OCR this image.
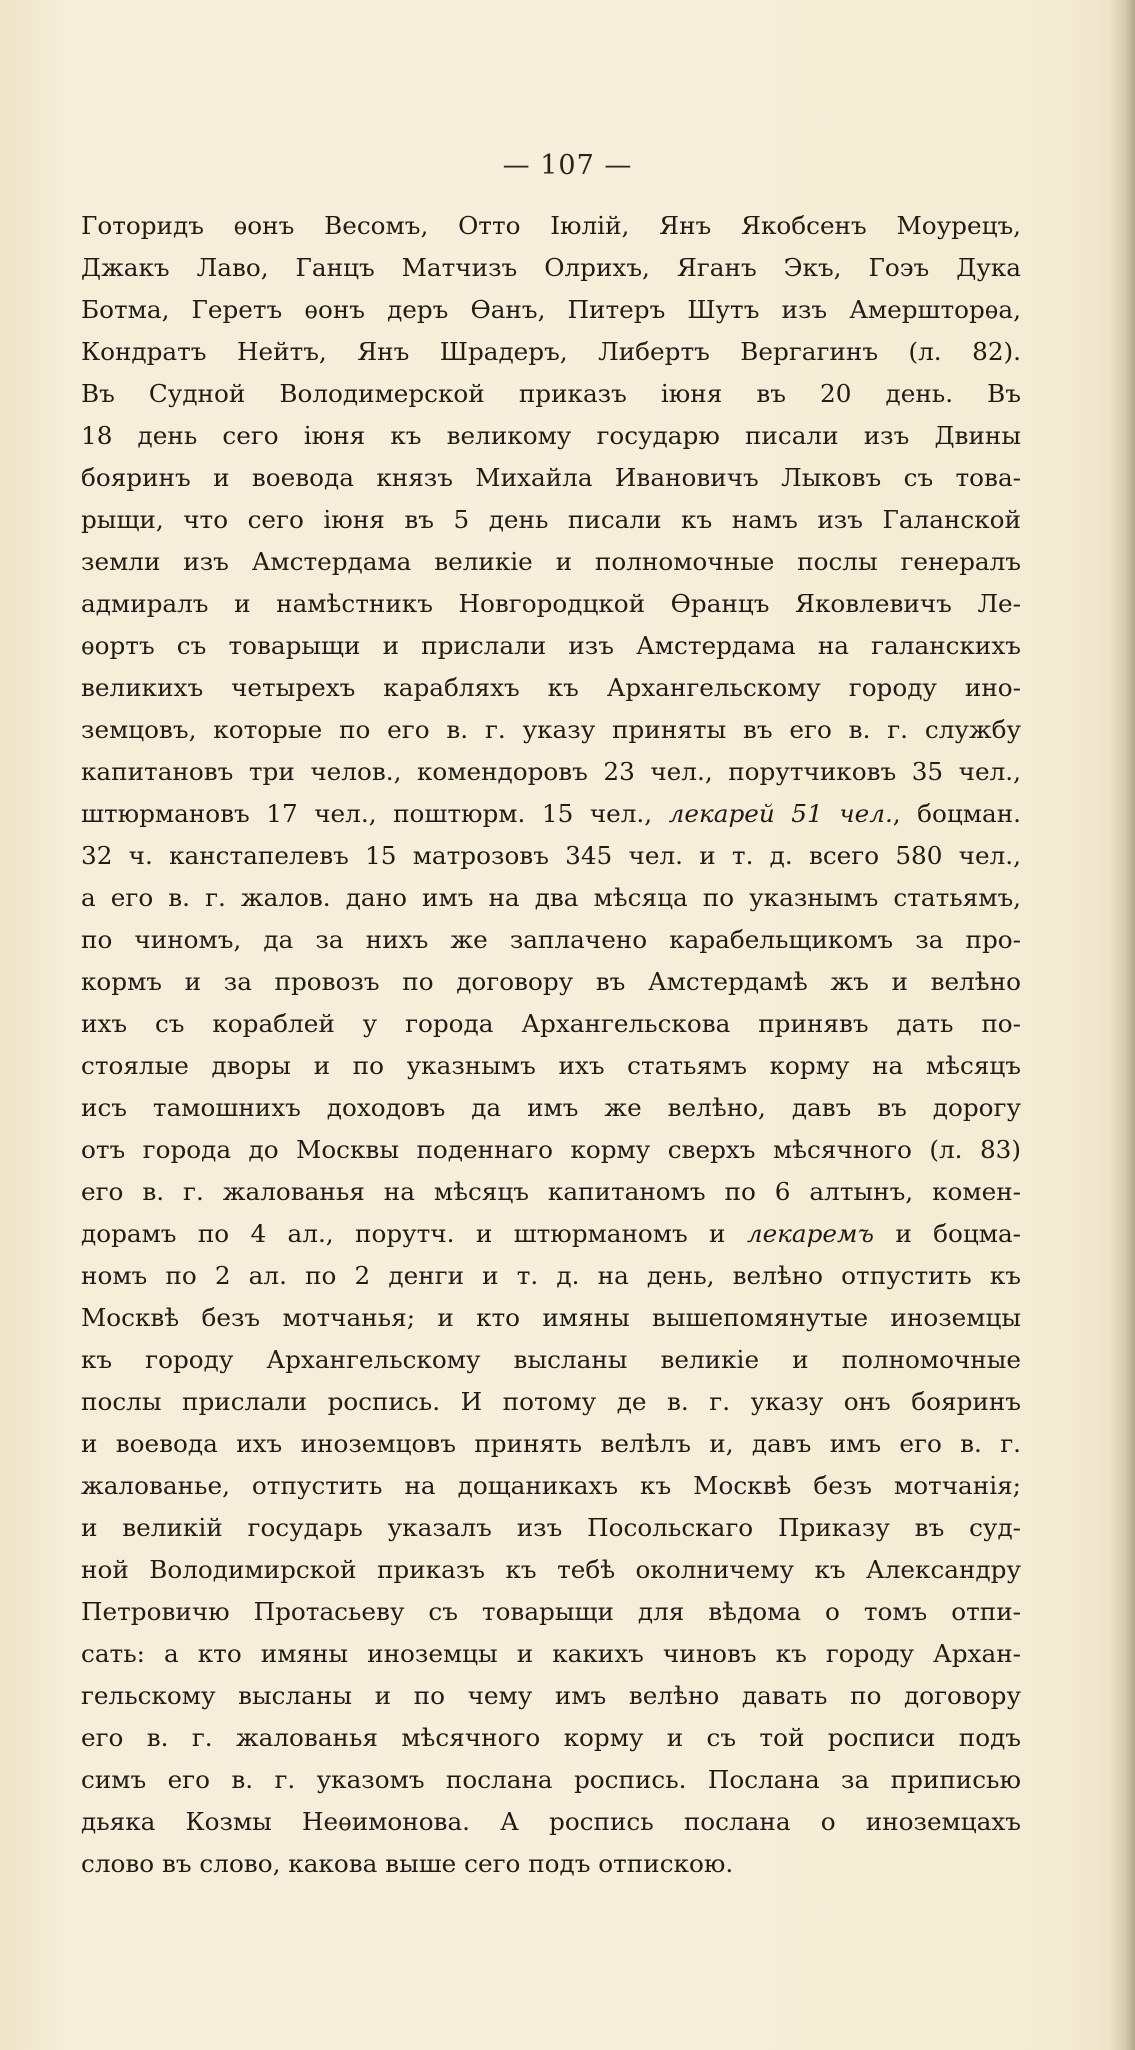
— 107 —
Готоридъ ѳонъ Весомъ, Отто Іюлій, Янъ Якобсенъ Моурецъ,
Джакъ Лаво, Ганцъ Матчизъ Олрихъ, Яганъ Экъ, Гоэъ Дука
Ботма, Геретъ ѳонъ деръ Ѳанъ, Питеръ Шутъ изъ Амершторѳа,
Кондратъ Нейтъ, Янъ Шрадеръ, Либертъ Вергагинъ (л. 82).
Въ Судной Володимерской приказъ іюня въ 20 день. Въ
18 день сего іюня къ великому государю писали изъ Двины
бояринъ и воевода князъ Михайла Ивановичъ Лыковъ съ това-
рыщи, что сего іюня въ 5 день писали къ намъ изъ Галанской
земли изъ Амстердама великіе и полномочные послы генералъ
адмиралъ и намѣстникъ Новгородцкой Ѳранцъ Яковлевичъ Ле-
ѳортъ съ товарыщи и прислали изъ Амстердама на галанскихъ
великихъ четырехъ карабляхъ къ Архангельскому городу ино-
земцовъ, которые по его в. г. указу приняты въ его в. г. службу
капитановъ три челов., комендоровъ 23 чел., порутчиковъ 35 чел.,
штюрмановъ 17 чел., поштюрм. 15 чел., лекарей 51 чел., боцман.
32 ч. канстапелевъ 15 матрозовъ 345 чел. и т. д. всего 580 чел.,
а его в. г. жалов. дано имъ на два мѣсяца по указнымъ статьямъ,
по чиномъ, да за нихъ же заплачено карабельщикомъ за про-
кормъ и за провозъ по договору въ Амстердамѣ жъ и велѣно
ихъ съ кораблей у города Архангельскова принявъ дать по-
стоялые дворы и по указнымъ ихъ статьямъ корму на мѣсяцъ
исъ тамошнихъ доходовъ да имъ же велѣно, давъ въ дорогу
отъ города до Москвы поденнаго корму сверхъ мѣсячного (л. 83)
его в. г. жалованья на мѣсяцъ капитаномъ по 6 алтынъ, комен-
дорамъ по 4 ал., порутч. и штюрманомъ и лекаремъ и боцма-
номъ по 2 ал. по 2 денги и т. д. на день, велѣно отпустить къ
Москвѣ безъ мотчанья; и кто имяны вышепомянутые иноземцы
къ городу Архангельскому высланы великіе и полномочные
послы прислали роспись. И потому де в. г. указу онъ бояринъ
и воевода ихъ иноземцовъ принять велѣлъ и, давъ имъ его в. г.
жалованье, отпустить на дощаникахъ къ Москвѣ безъ мотчанія;
и великій государь указалъ изъ Посольскаго Приказу въ суд-
ной Володимирской приказъ къ тебѣ околничему къ Александру
Петровичю Протасьеву съ товарыщи для вѣдома о томъ отпи-
сать: а кто имяны иноземцы и какихъ чиновъ къ городу Архан-
гельскому высланы и по чему имъ велѣно давать по договору
его в. г. жалованья мѣсячного корму и съ той росписи подъ
симъ его в. г. указомъ послана роспись. Послана за приписью
дьяка Козмы Неѳимонова. А роспись послана о иноземцахъ
слово въ слово, какова выше сего подъ отпискою.
